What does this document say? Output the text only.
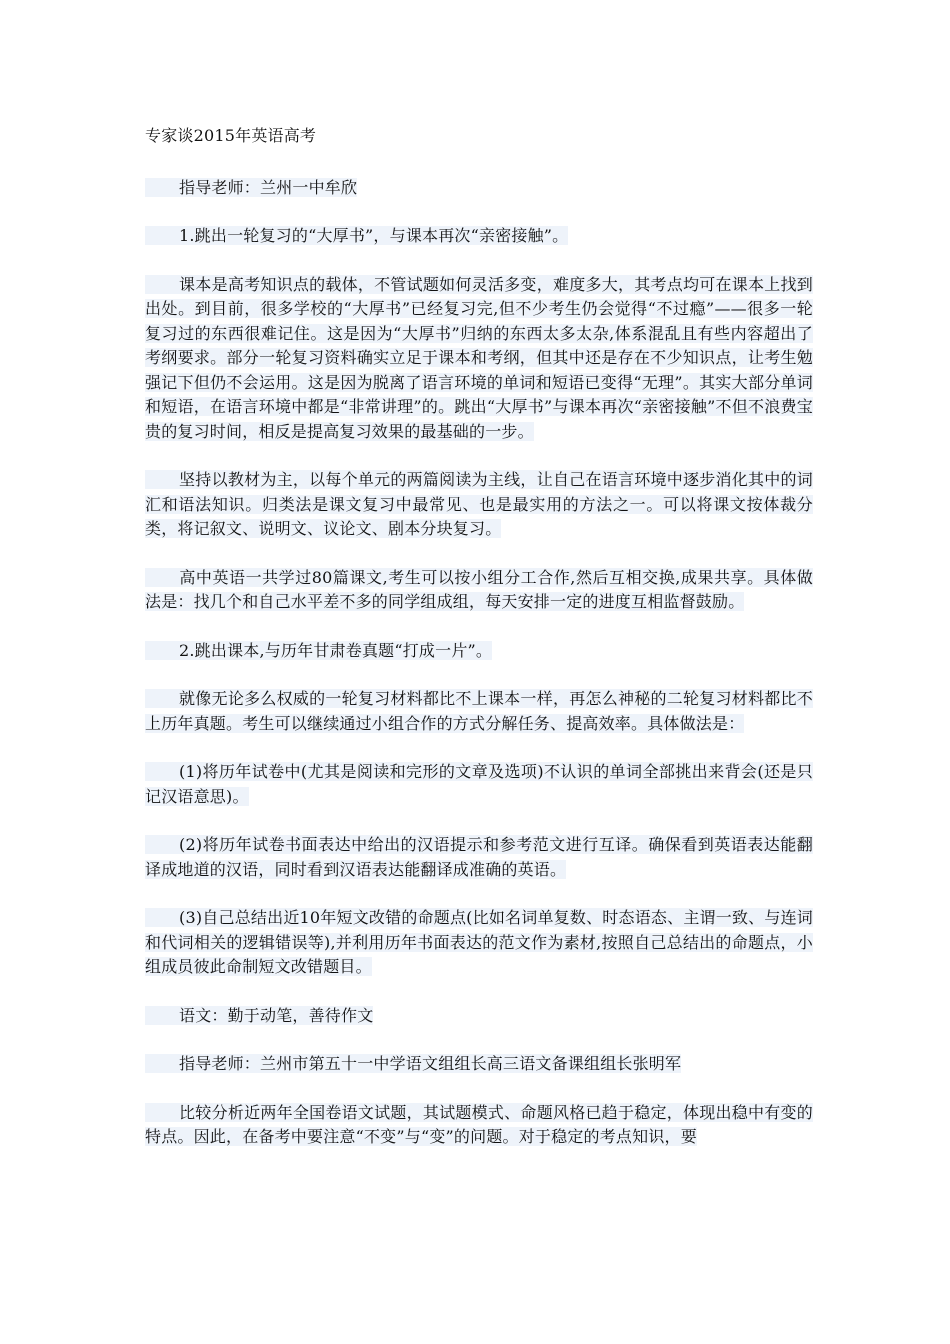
专家谈2015年英语高考

指导老师：兰州一中牟欣

1.跳出一轮复习的“大厚书”，与课本再次“亲密接触”。

课本是高考知识点的载体，不管试题如何灵活多变，难度多大，其考点均可在课本上找到出处。到目前，很多学校的“大厚书”已经复习完,但不少考生仍会觉得“不过瘾”——很多一轮复习过的东西很难记住。这是因为“大厚书”归纳的东西太多太杂,体系混乱且有些内容超出了考纲要求。部分一轮复习资料确实立足于课本和考纲，但其中还是存在不少知识点，让考生勉强记下但仍不会运用。这是因为脱离了语言环境的单词和短语已变得“无理”。其实大部分单词和短语，在语言环境中都是“非常讲理”的。跳出“大厚书”与课本再次“亲密接触”不但不浪费宝贵的复习时间，相反是提高复习效果的最基础的一步。

坚持以教材为主，以每个单元的两篇阅读为主线，让自己在语言环境中逐步消化其中的词汇和语法知识。归类法是课文复习中最常见、也是最实用的方法之一。可以将课文按体裁分类，将记叙文、说明文、议论文、剧本分块复习。

高中英语一共学过80篇课文,考生可以按小组分工合作,然后互相交换,成果共享。具体做法是：找几个和自己水平差不多的同学组成组，每天安排一定的进度互相监督鼓励。

2.跳出课本,与历年甘肃卷真题“打成一片”。

就像无论多么权威的一轮复习材料都比不上课本一样，再怎么神秘的二轮复习材料都比不上历年真题。考生可以继续通过小组合作的方式分解任务、提高效率。具体做法是：

(1)将历年试卷中(尤其是阅读和完形的文章及选项)不认识的单词全部挑出来背会(还是只记汉语意思)。

(2)将历年试卷书面表达中给出的汉语提示和参考范文进行互译。确保看到英语表达能翻译成地道的汉语，同时看到汉语表达能翻译成准确的英语。

(3)自己总结出近10年短文改错的命题点(比如名词单复数、时态语态、主谓一致、与连词和代词相关的逻辑错误等),并利用历年书面表达的范文作为素材,按照自己总结出的命题点，小组成员彼此命制短文改错题目。

语文：勤于动笔，善待作文

指导老师：兰州市第五十一中学语文组组长高三语文备课组组长张明军

比较分析近两年全国卷语文试题，其试题模式、命题风格已趋于稳定，体现出稳中有变的特点。因此，在备考中要注意“不变”与“变”的问题。对于稳定的考点知识，要
